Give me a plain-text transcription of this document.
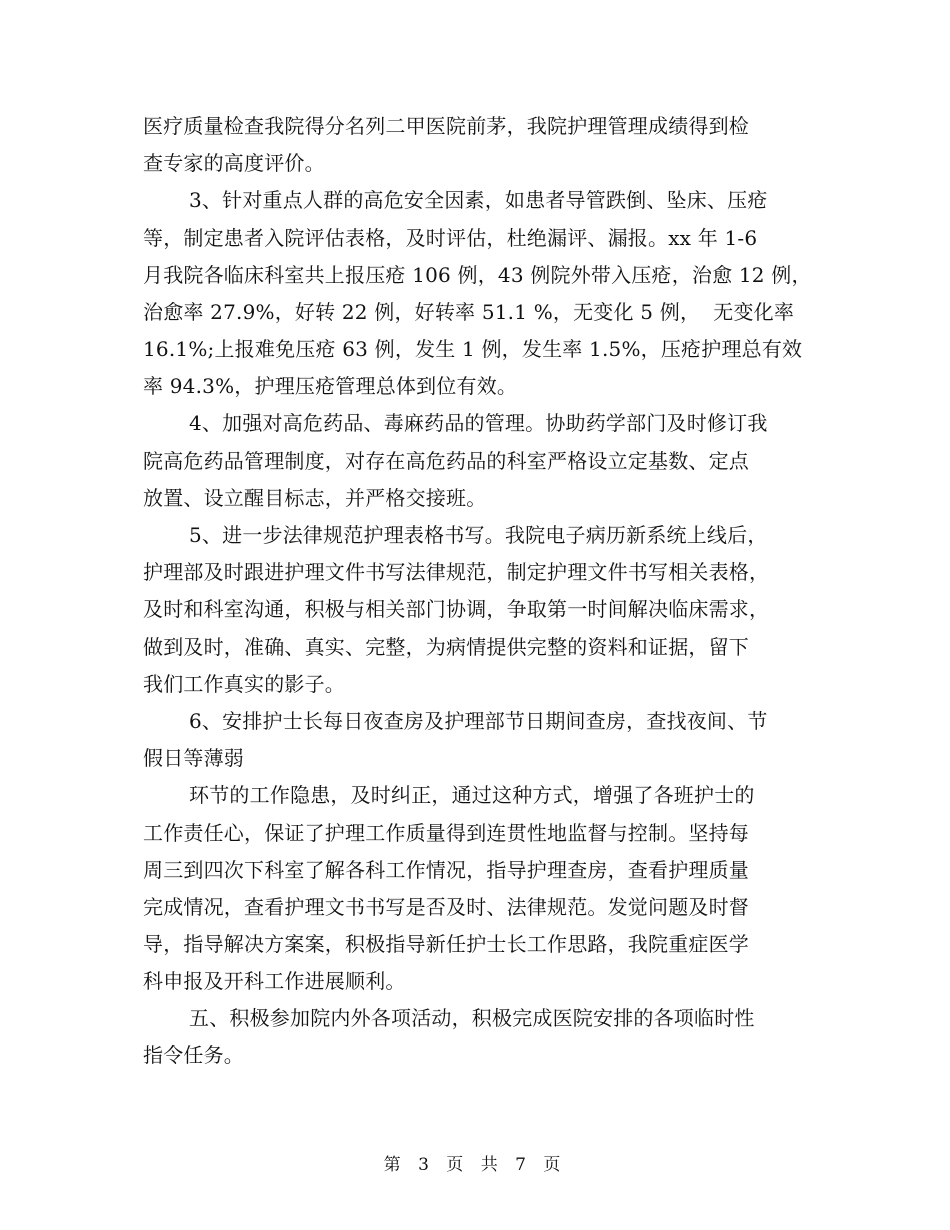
医疗质量检查我院得分名列二甲医院前茅，我院护理管理成绩得到检
查专家的高度评价。
3、针对重点人群的高危安全因素，如患者导管跌倒、坠床、压疮
等，制定患者入院评估表格，及时评估，杜绝漏评、漏报。xx 年 1-6
月我院各临床科室共上报压疮 106 例，43 例院外带入压疮，治愈 12 例，
治愈率 27.9%，好转 22 例，好转率 51.1 %，无变化 5 例，  无变化率
16.1%;上报难免压疮 63 例，发生 1 例，发生率 1.5%，压疮护理总有效
率 94.3%，护理压疮管理总体到位有效。
4、加强对高危药品、毒麻药品的管理。协助药学部门及时修订我
院高危药品管理制度，对存在高危药品的科室严格设立定基数、定点
放置、设立醒目标志，并严格交接班。
5、进一步法律规范护理表格书写。我院电子病历新系统上线后，
护理部及时跟进护理文件书写法律规范，制定护理文件书写相关表格，
及时和科室沟通，积极与相关部门协调，争取第一时间解决临床需求，
做到及时，准确、真实、完整，为病情提供完整的资料和证据，留下
我们工作真实的影子。
6、安排护士长每日夜查房及护理部节日期间查房，查找夜间、节
假日等薄弱
环节的工作隐患，及时纠正，通过这种方式，增强了各班护士的
工作责任心，保证了护理工作质量得到连贯性地监督与控制。坚持每
周三到四次下科室了解各科工作情况，指导护理查房，查看护理质量
完成情况，查看护理文书书写是否及时、法律规范。发觉问题及时督
导，指导解决方案案，积极指导新任护士长工作思路，我院重症医学
科申报及开科工作进展顺利。
五、积极参加院内外各项活动，积极完成医院安排的各项临时性
指令任务。
第 3 页 共 7 页
